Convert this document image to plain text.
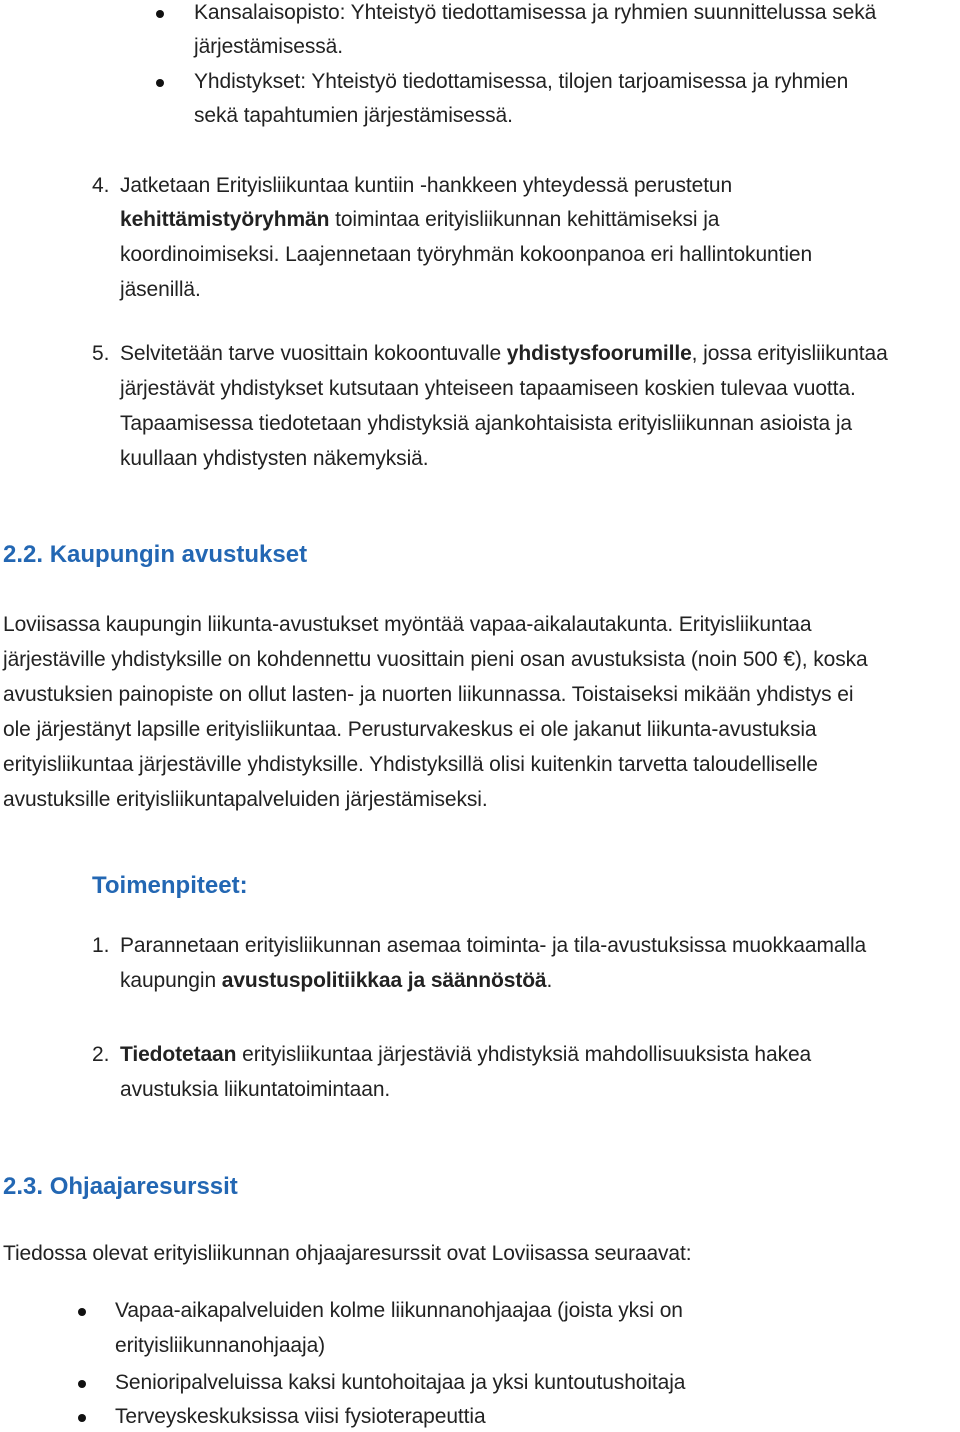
Kansalaisopisto: Yhteistyö tiedottamisessa ja ryhmien suunnittelussa sekä
järjestämisessä.
Yhdistykset: Yhteistyö tiedottamisessa, tilojen tarjoamisessa ja ryhmien
sekä tapahtumien järjestämisessä.
4. Jatketaan Erityisliikuntaa kuntiin -hankkeen yhteydessä perustetun
kehittämistyöryhmän toimintaa erityisliikunnan kehittämiseksi ja
koordinoimiseksi. Laajennetaan työryhmän kokoonpanoa eri hallintokuntien
jäsenillä.
5. Selvitetään tarve vuosittain kokoontuvalle yhdistysfoorumille, jossa erityisliikuntaa
järjestävät yhdistykset kutsutaan yhteiseen tapaamiseen koskien tulevaa vuotta.
Tapaamisessa tiedotetaan yhdistyksiä ajankohtaisista erityisliikunnan asioista ja
kuullaan yhdistysten näkemyksiä.
2.2. Kaupungin avustukset
Loviisassa kaupungin liikunta-avustukset myöntää vapaa-aikalautakunta. Erityisliikuntaa
järjestäville yhdistyksille on kohdennettu vuosittain pieni osan avustuksista (noin 500 €), koska
avustuksien painopiste on ollut lasten- ja nuorten liikunnassa. Toistaiseksi mikään yhdistys ei
ole järjestänyt lapsille erityisliikuntaa. Perusturvakeskus ei ole jakanut liikunta-avustuksia
erityisliikuntaa järjestäville yhdistyksille. Yhdistyksillä olisi kuitenkin tarvetta taloudelliselle
avustuksille erityisliikuntapalveluiden järjestämiseksi.
Toimenpiteet:
1. Parannetaan erityisliikunnan asemaa toiminta- ja tila-avustuksissa muokkaamalla
kaupungin avustuspolitiikkaa ja säännöstöä.
2. Tiedotetaan erityisliikuntaa järjestäviä yhdistyksiä mahdollisuuksista hakea
avustuksia liikuntatoimintaan.
2.3. Ohjaajaresurssit
Tiedossa olevat erityisliikunnan ohjaajaresurssit ovat Loviisassa seuraavat:
Vapaa-aikapalveluiden kolme liikunnanohjaajaa (joista yksi on
erityisliikunnanohjaaja)
Senioripalveluissa kaksi kuntohoitajaa ja yksi kuntoutushoitaja
Terveyskeskuksissa viisi fysioterapeuttia
